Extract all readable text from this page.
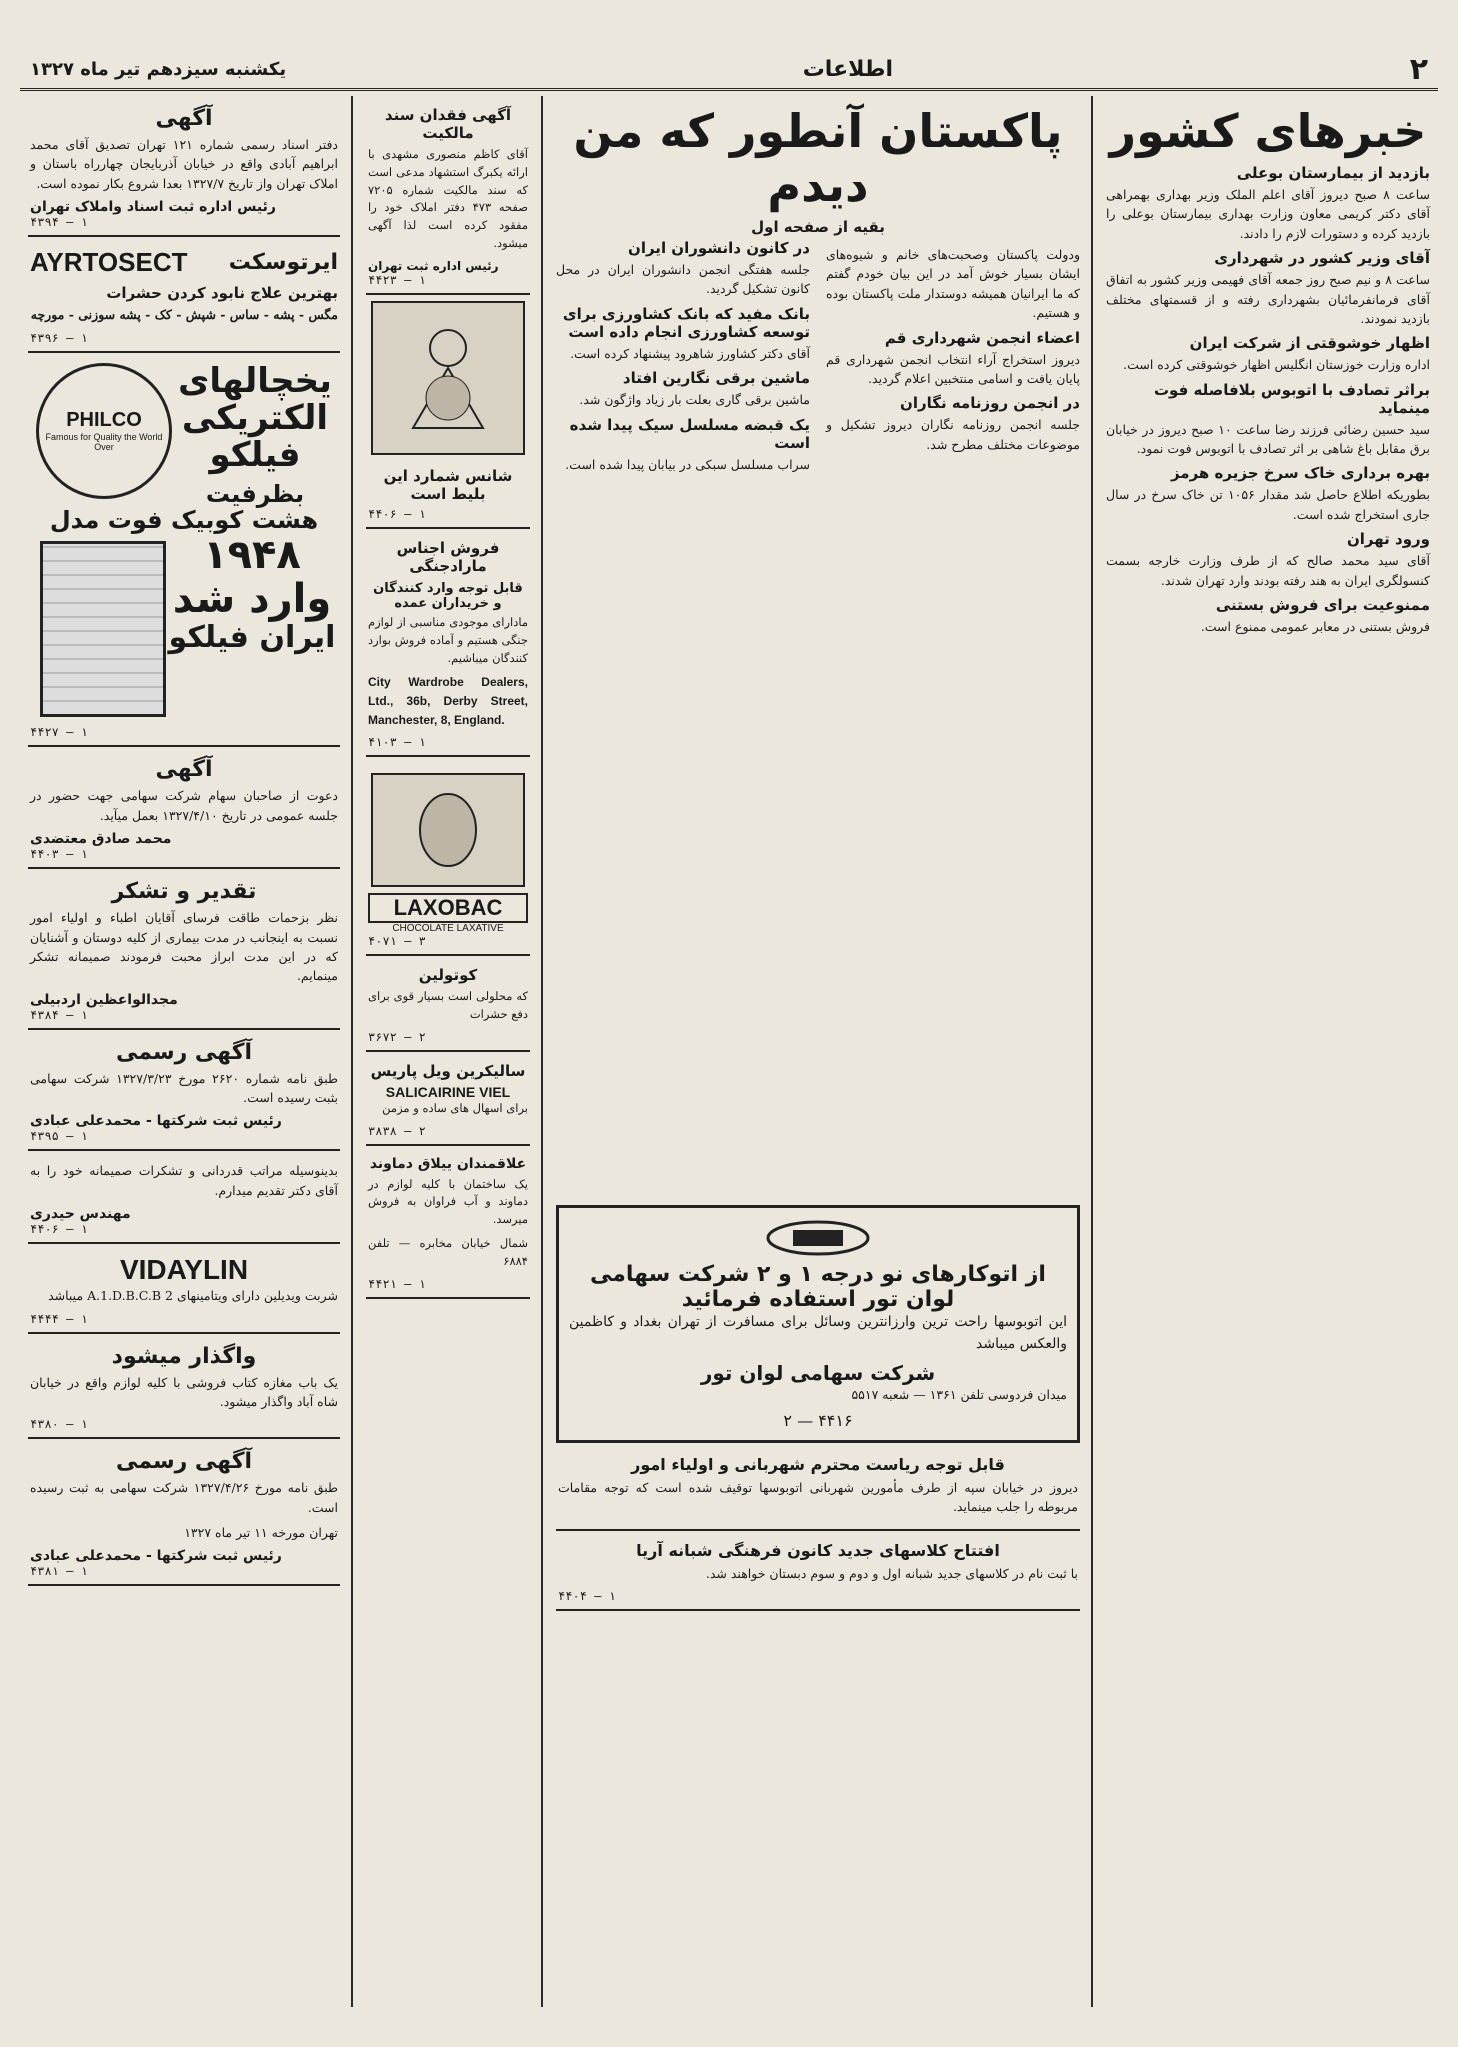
۲
اطلاعات
یکشنبه سیزدهم تیر ماه ۱۳۲۷
خبرهای کشور
بازدید از بیمارستان بوعلی

ساعت ۸ صبح دیروز آقای اعلم الملک وزیر بهداری بهمراهی آقای دکتر کریمی معاون وزارت بهداری بیمارستان بوعلی را بازدید کرده و دستورات لازم را دادند.

آقای وزیر کشور در شهرداری

ساعت ۸ و نیم صبح روز جمعه آقای فهیمی وزیر کشور به اتفاق آقای فرمانفرمائیان بشهرداری رفته و از قسمتهای مختلف بازدید نمودند.

اظهار خوشوقتی از شرکت ایران

اداره وزارت خوزستان انگلیس اظهار خوشوقتی کرده است.

براثر تصادف با اتوبوس بلافاصله فوت مینماید

سید حسین رضائی فرزند رضا ساعت ۱۰ صبح دیروز در خیابان برق مقابل باغ شاهی بر اثر تصادف با اتوبوس فوت نمود.

بهره برداری خاک سرخ جزیره هرمز

بطوریکه اطلاع حاصل شد مقدار ۱۰۵۶ تن خاک سرخ در سال جاری استخراج شده است.

ورود تهران

آقای سید محمد صالح که از طرف وزارت خارجه بسمت کنسولگری ایران به هند رفته بودند وارد تهران شدند.

ممنوعیت برای فروش بستنی

فروش بستنی در معابر عمومی ممنوع است.

پاکستان آنطور که من دیدم
بقیه از صفحه اول

ودولت پاکستان وصحبت‌های خانم و شیوه‌های ایشان بسیار خوش آمد در این بیان خودم گفتم که ما ایرانیان همیشه دوستدار ملت پاکستان بوده و هستیم.

اعضاء انجمن شهرداری قم

دیروز استخراج آراء انتخاب انجمن شهرداری قم پایان یافت و اسامی منتخبین اعلام گردید.

در انجمن روزنامه نگاران

جلسه انجمن روزنامه نگاران دیروز تشکیل و موضوعات مختلف مطرح شد.

در کانون دانشوران ایران

جلسه هفتگی انجمن دانشوران ایران در محل کانون تشکیل گردید.

بانک مفید که بانک کشاورزی برای توسعه کشاورزی انجام داده است

آقای دکتر کشاورز شاهرود پیشنهاد کرده است.

ماشین برقی نگارین افتاد

ماشین برقی گاری بعلت بار زیاد واژگون شد.

یک قبضه مسلسل سیک پیدا شده است

سراب مسلسل سبکی در بیابان پیدا شده است.

از اتوکارهای نو درجه ۱ و ۲ شرکت سهامی لوان تور استفاده فرمائید

این اتوبوسها راحت ترین وارزانترین وسائل برای مسافرت از تهران بغداد و کاظمین والعکس میباشد

شرکت سهامی لوان تور

میدان فردوسی تلفن ۱۳۶۱ — شعبه ۵۵۱۷

۴۴۱۶ — ۲
قابل توجه ریاست محترم شهربانی و اولیاء امور

دیروز در خیابان سپه از طرف مأمورین شهربانی اتوبوسها توقیف شده است که توجه مقامات مربوطه را جلب مینماید.

افتتاح کلاسهای جدید کانون فرهنگی شبانه آریا

با ثبت نام در کلاسهای جدید شبانه اول و دوم و سوم دبستان خواهند شد.

۴۴۰۴ — ۱
آگهی فقدان سند مالکیت

آقای کاظم منصوری مشهدی با ارائه یکبرگ استشهاد مدعی است که سند مالکیت شماره ۷۲۰۵ صفحه ۴۷۳ دفتر املاک خود را مفقود کرده است لذا آگهی میشود.

رئیس اداره ثبت تهران
۴۴۲۳ — ۱
شانس شمارد این بلیط است
۴۴۰۶ — ۱
فروش اجناس مارادجنگی
قابل توجه وارد کنندگان و خریداران عمده

مادارای موجودی مناسبی از لوازم جنگی هستیم و آماده فروش بوارد کنندگان میباشیم.

City Wardrobe Dealers, Ltd., 36b, Derby Street, Manchester, 8, England.

۴۱۰۳ — ۱
LAXOBAC
CHOCOLATE LAXATIVE
۴۰۷۱ — ۳
کوتولین

که محلولی است بسیار قوی برای دفع حشرات

۳۶۷۲ — ۲
سالیکرین ویل پاریس
SALICAIRINE VIEL

برای اسهال های ساده و مزمن

۳۸۳۸ — ۲
علاقمندان ییلاق دماوند

یک ساختمان با کلیه لوازم در دماوند و آب فراوان به فروش میرسد.

شمال خیابان مخابره — تلفن ۶۸۸۴

۴۴۲۱ — ۱
آگهی

دفتر اسناد رسمی شماره ۱۲۱ تهران تصدیق آقای محمد ابراهیم آبادی واقع در خیابان آذربایجان چهارراه باستان و املاک تهران واز تاریخ ۱۳۲۷/۷ بعدا شروع بکار نموده است.

رئیس اداره ثبت اسناد واملاک تهران
۴۳۹۴ — ۱
ایرتوسکت
AYRTOSECT
بهترین علاج نابود کردن حشرات

مگس - پشه - ساس - شپش - کک - پشه سوزنی - مورچه

۴۳۹۶ — ۱
PHILCO
Famous for Quality the World Over
یخچالهای الکتریکی فیلکو
بظرفیت هشت کوبیک فوت مدل
۱۹۴۸
وارد شد
ایران فیلکو
۴۴۲۷ — ۱
آگهی

دعوت از صاحبان سهام شرکت سهامی جهت حضور در جلسه عمومی در تاریخ ۱۳۲۷/۴/۱۰ بعمل میآید.

محمد صادق معتضدی
۴۴۰۳ — ۱
تقدیر و تشکر

نظر بزحمات طاقت فرسای آقایان اطباء و اولیاء امور نسبت به اینجانب در مدت بیماری از کلیه دوستان و آشنایان که در این مدت ابراز محبت فرمودند صمیمانه تشکر مینمایم.

مجدالواعظین اردبیلی
۴۳۸۴ — ۱
آگهی رسمی

طبق نامه شماره ۲۶۲۰ مورخ ۱۳۲۷/۳/۲۳ شرکت سهامی بثبت رسیده است.

رئیس ثبت شرکتها - محمدعلی عبادی
۴۳۹۵ — ۱

بدینوسیله مراتب قدردانی و تشکرات صمیمانه خود را به آقای دکتر تقدیم میدارم.

مهندس حیدری
۴۴۰۶ — ۱
VIDAYLIN

شربت ویدیلین دارای ویتامینهای A.1.D.B.C.B 2 میباشد

۴۴۴۴ — ۱
واگذار میشود

یک باب مغازه کتاب فروشی با کلیه لوازم واقع در خیابان شاه آباد واگذار میشود.

۴۳۸۰ — ۱
آگهی رسمی

طبق نامه مورخ ۱۳۲۷/۴/۲۶ شرکت سهامی به ثبت رسیده است.

تهران مورخه ۱۱ تیر ماه ۱۳۲۷

رئیس ثبت شرکتها - محمدعلی عبادی
۴۳۸۱ — ۱
